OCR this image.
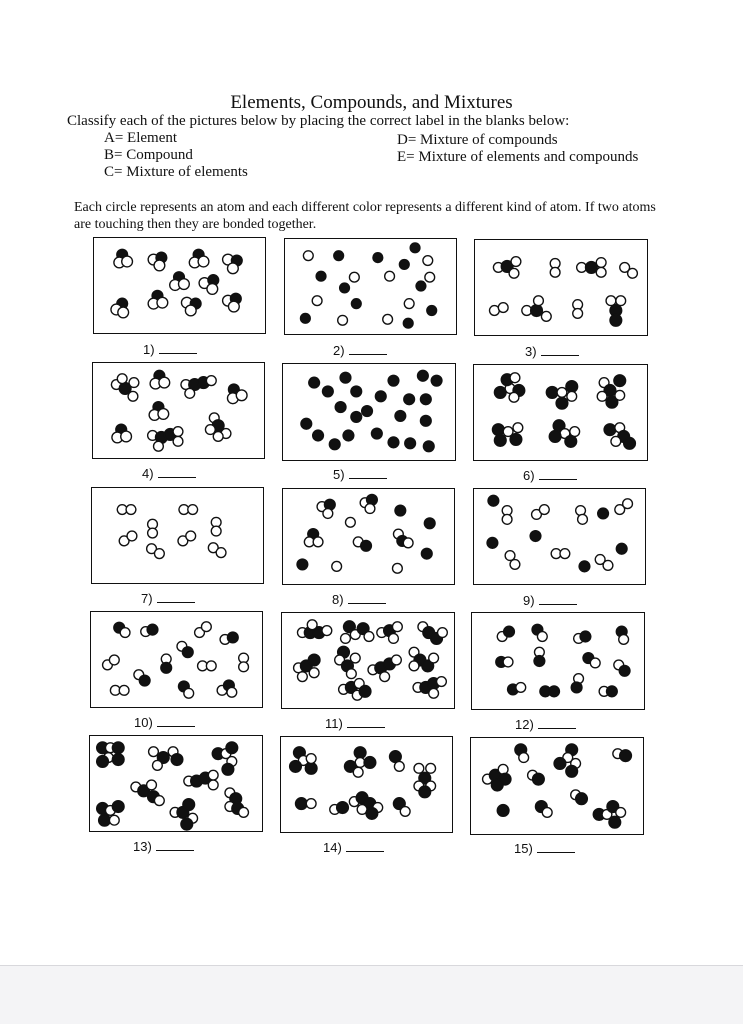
Elements, Compounds, and Mixtures
Classify each of the pictures below by placing the correct label in the blanks below:
A= Element
B= Compound
C= Mixture of elements
D= Mixture of compounds
E= Mixture of elements and compounds
Each circle represents an atom and each different color represents a different kind of atom. If two atoms are touching then they are bonded together.
1)	2)	3)
4)	5)	6)
7)	8)	9)
10)	11)	12)
13)	14)	15)
